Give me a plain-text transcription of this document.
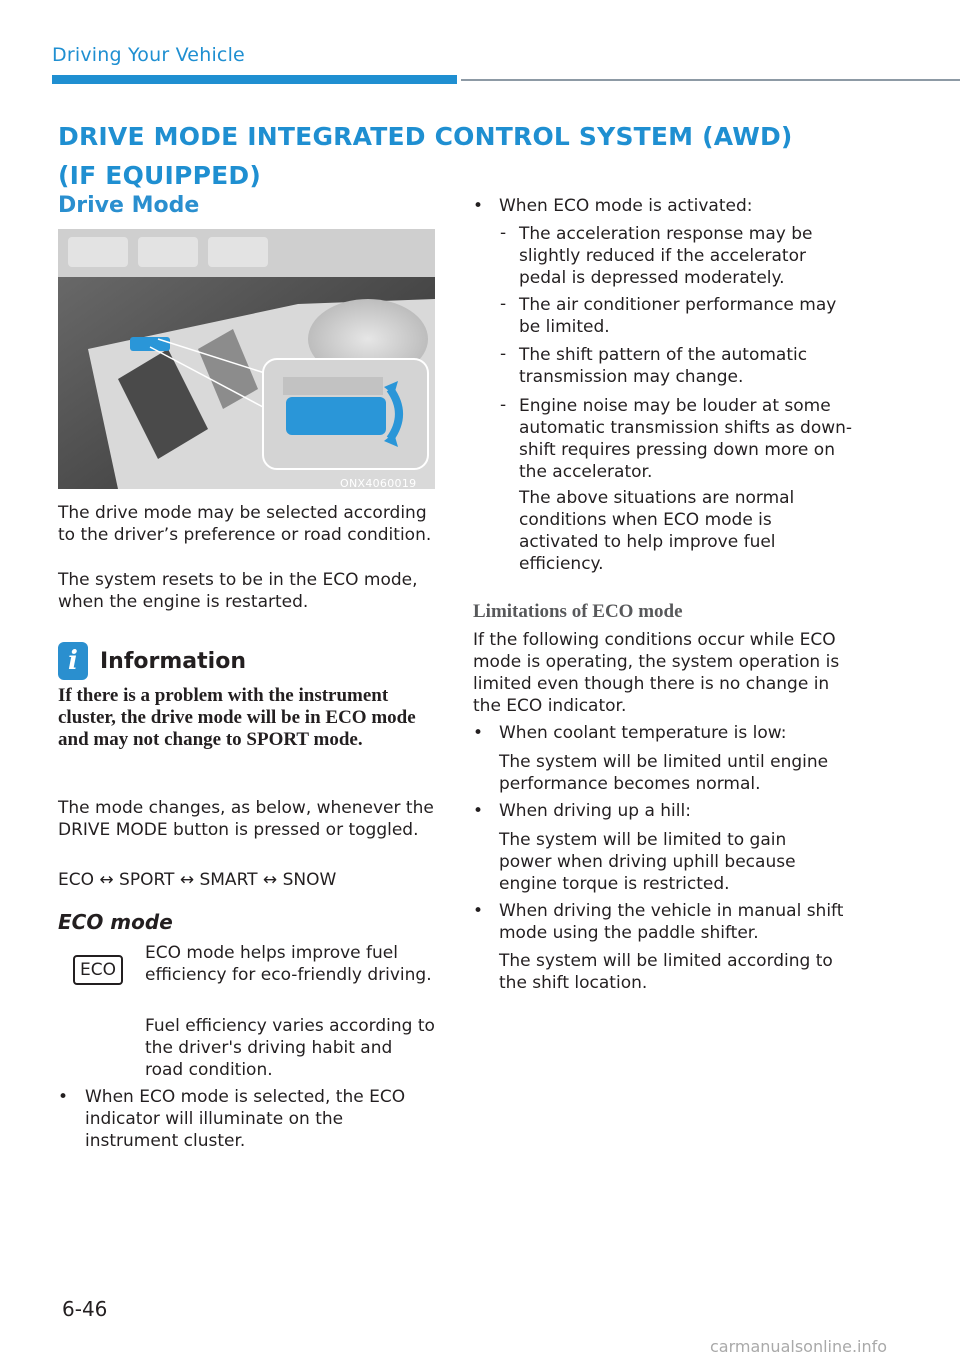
Driving Your Vehicle
DRIVE MODE INTEGRATED CONTROL SYSTEM (AWD)
(IF EQUIPPED)
Drive Mode
ONX4060019

The drive mode may be selected according to the driver’s preference or road condition.

The system resets to be in the ECO mode, when the engine is restarted.

i	Information

If there is a problem with the instrument cluster, the drive mode will be in ECO mode and may not change to SPORT mode.

The mode changes, as below, whenever the DRIVE MODE button is pressed or toggled.

ECO ↔ SPORT ↔ SMART ↔ SNOW

ECO mode
ECO

ECO mode helps improve fuel efficiency for eco-friendly driving.

Fuel efficiency varies according to the driver's driving habit and road condition.

• When ECO mode is selected, the ECO indicator will illuminate on the instrument cluster.

• When ECO mode is activated:

- The acceleration response may be slightly reduced if the accelerator pedal is depressed moderately.

- The air conditioner performance may be limited.

- The shift pattern of the automatic transmission may change.

- Engine noise may be louder at some automatic transmission shifts as down-shift requires pressing down more on the accelerator.

The above situations are normal conditions when ECO mode is activated to help improve fuel efficiency.

Limitations of ECO mode

If the following conditions occur while ECO mode is operating, the system operation is limited even though there is no change in the ECO indicator.

• When coolant temperature is low:

The system will be limited until engine performance becomes normal.

• When driving up a hill:

The system will be limited to gain power when driving uphill because engine torque is restricted.

• When driving the vehicle in manual shift mode using the paddle shifter.

The system will be limited according to the shift location.

6-46
carmanualsonline.info
